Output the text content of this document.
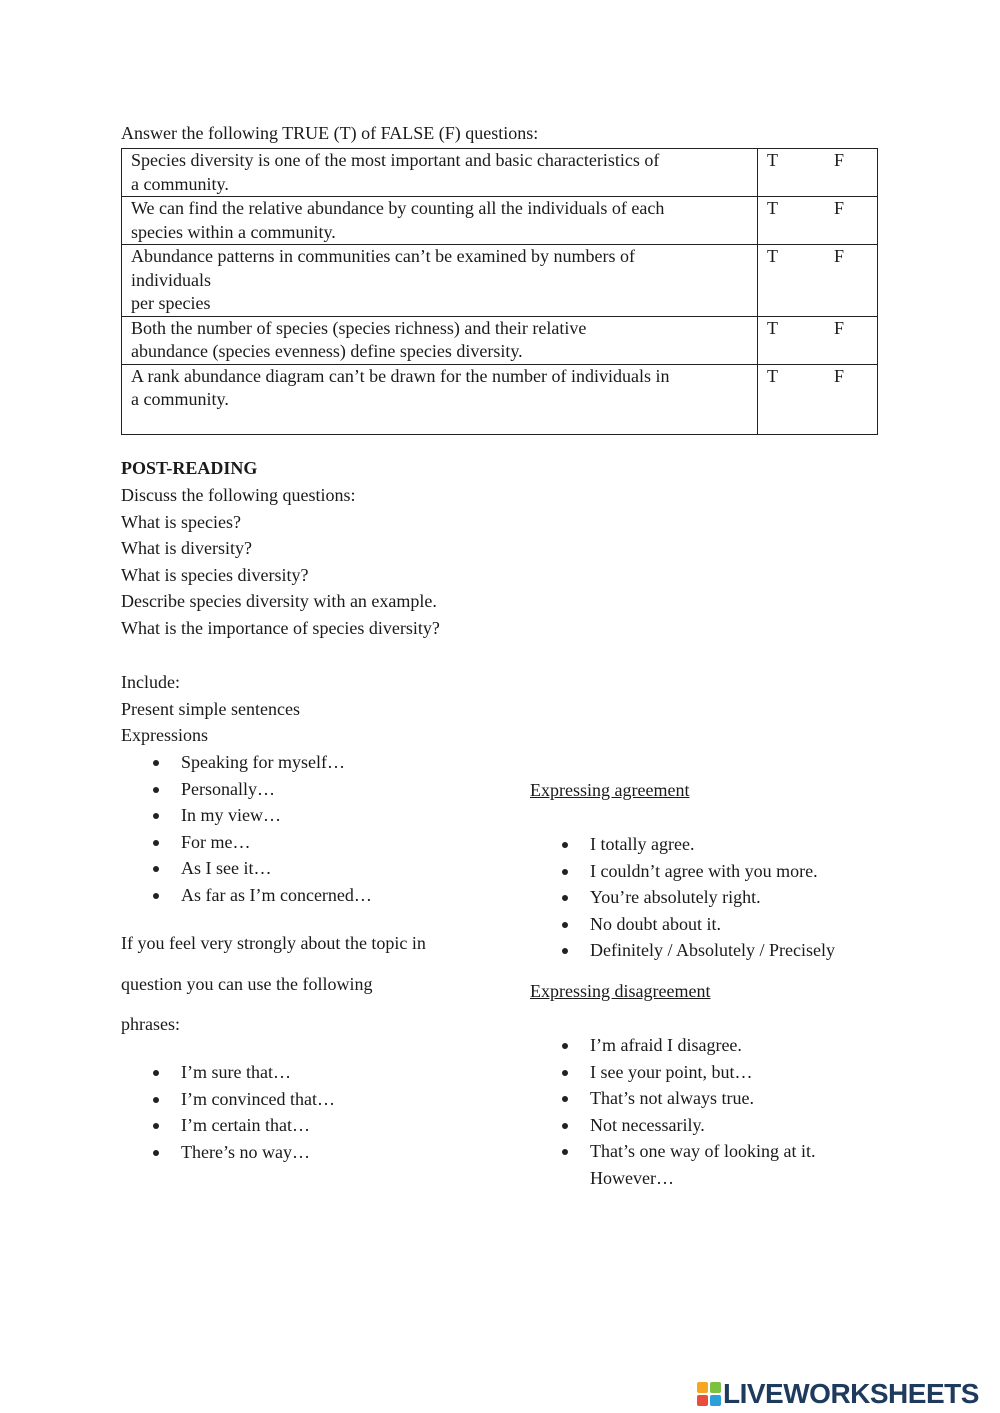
Answer the following TRUE (T) of FALSE (F) questions:
Species diversity is one of the most important and basic characteristics of
a community.	T F

We can find the relative abundance by counting all the individuals of each
species within a community.	T F

Abundance patterns in communities can’t be examined by numbers of
individuals
per species	T F

Both the number of species (species richness) and their relative
abundance (species evenness) define species diversity.	T F

A rank abundance diagram can’t be drawn for the number of individuals in
a community.	T F
POST-READING
Discuss the following questions:
What is species?
What is diversity?
What is species diversity?
Describe species diversity with an example.
What is the importance of species diversity?
Include:
Present simple sentences
Expressions
Speaking for myself…
Personally…
In my view…
For me…
As I see it…
As far as I’m concerned…
If you feel very strongly about the topic in
question you can use the following
phrases:
I’m sure that…
I’m convinced that…
I’m certain that…
There’s no way…
Expressing agreement
I totally agree.
I couldn’t agree with you more.
You’re absolutely right.
No doubt about it.
Definitely / Absolutely / Precisely
Expressing disagreement
I’m afraid I disagree.
I see your point, but…
That’s not always true.
Not necessarily.
That’s one way of looking at it.
However…
LIVEWORKSHEETS
